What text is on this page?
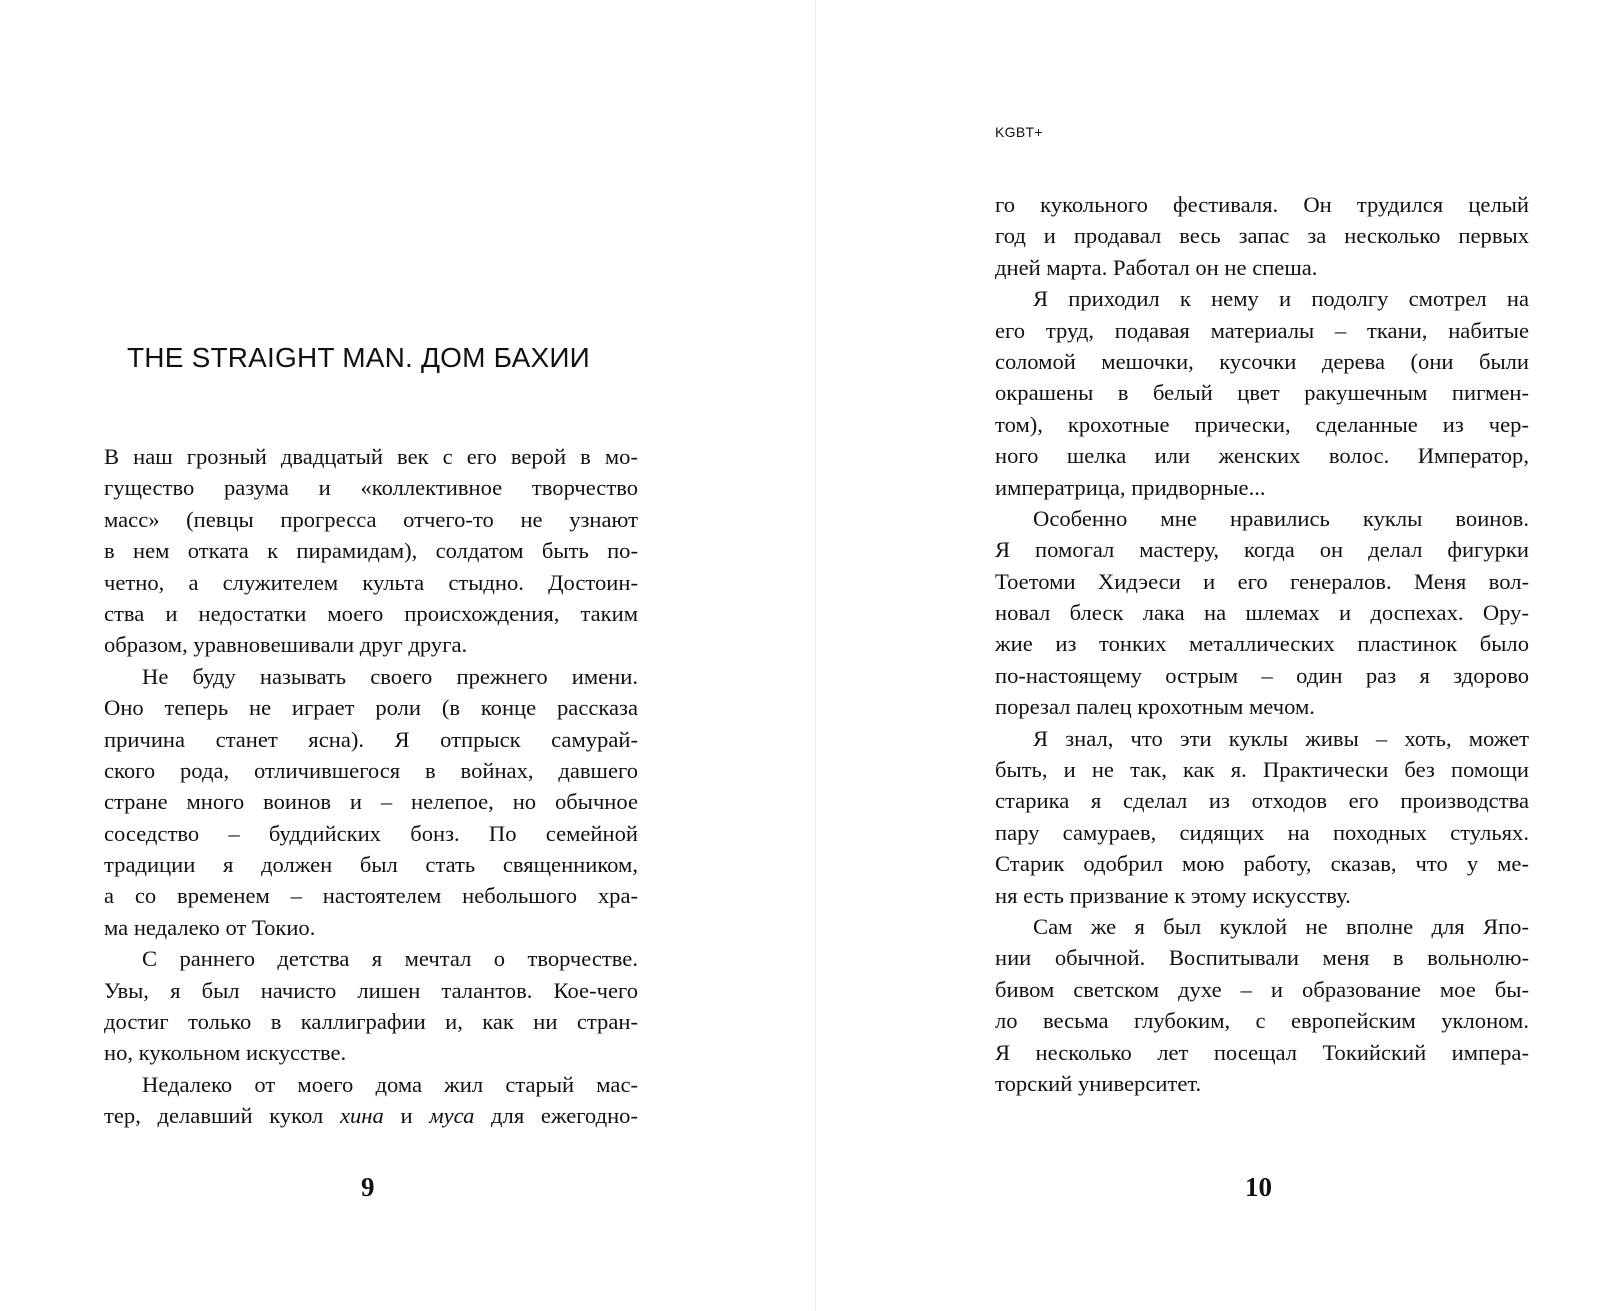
THE STRAIGHT MAN. ДОМ БАХИИ
В наш грозный двадцатый век с его верой в мо-
гущество разума и «коллективное творчество
масс» (певцы прогресса отчего-то не узнают
в нем отката к пирамидам), солдатом быть по-
четно, а служителем культа стыдно. Достоин-
ства и недостатки моего происхождения, таким
образом, уравновешивали друг друга.
Не буду называть своего прежнего имени.
Оно теперь не играет роли (в конце рассказа
причина станет ясна). Я отпрыск самурай-
ского рода, отличившегося в войнах, давшего
стране много воинов и – нелепое, но обычное
соседство – буддийских бонз. По семейной
традиции я должен был стать священником,
а со временем – настоятелем небольшого хра-
ма недалеко от Токио.
С раннего детства я мечтал о творчестве.
Увы, я был начисто лишен талантов. Кое-чего
достиг только в каллиграфии и, как ни стран-
но, кукольном искусстве.
Недалеко от моего дома жил старый мас-
тер, делавший кукол хина и муса для ежегодно-
9
KGBT+
го кукольного фестиваля. Он трудился целый
год и продавал весь запас за несколько первых
дней марта. Работал он не спеша.
Я приходил к нему и подолгу смотрел на
его труд, подавая материалы – ткани, набитые
соломой мешочки, кусочки дерева (они были
окрашены в белый цвет ракушечным пигмен-
том), крохотные прически, сделанные из чер-
ного шелка или женских волос. Император,
императрица, придворные...
Особенно мне нравились куклы воинов.
Я помогал мастеру, когда он делал фигурки
Тоетоми Хидэеси и его генералов. Меня вол-
новал блеск лака на шлемах и доспехах. Ору-
жие из тонких металлических пластинок было
по-настоящему острым – один раз я здорово
порезал палец крохотным мечом.
Я знал, что эти куклы живы – хоть, может
быть, и не так, как я. Практически без помощи
старика я сделал из отходов его производства
пару самураев, сидящих на походных стульях.
Старик одобрил мою работу, сказав, что у ме-
ня есть призвание к этому искусству.
Сам же я был куклой не вполне для Япо-
нии обычной. Воспитывали меня в вольнолю-
бивом светском духе – и образование мое бы-
ло весьма глубоким, с европейским уклоном.
Я несколько лет посещал Токийский импера-
торский университет.
10
